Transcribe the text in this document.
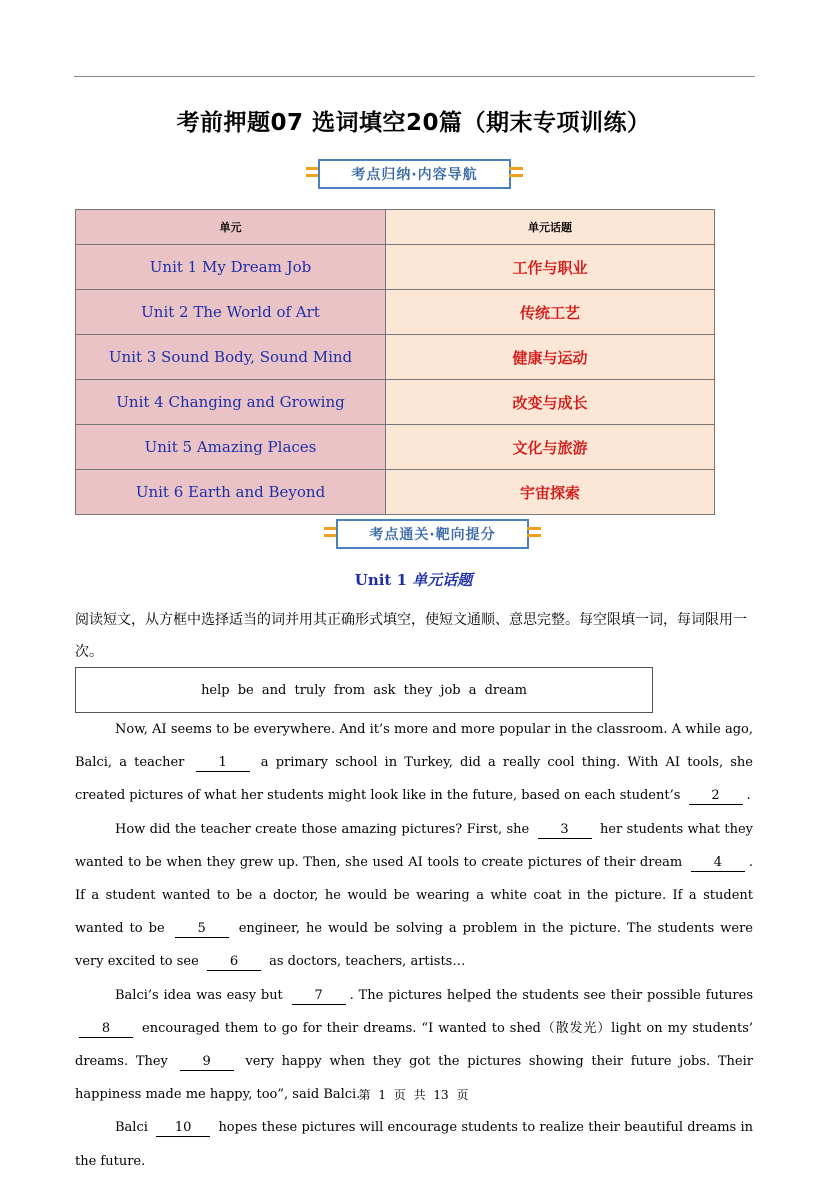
考前押题07 选词填空20篇（期末专项训练）
考点归纳·内容导航
单元	单元话题
Unit 1 My Dream Job	工作与职业
Unit 2 The World of Art	传统工艺
Unit 3 Sound Body, Sound Mind	健康与运动
Unit 4 Changing and Growing	改变与成长
Unit 5 Amazing Places	文化与旅游
Unit 6 Earth and Beyond	宇宙探索
考点通关·靶向提分
Unit 1 单元话题
阅读短文，从方框中选择适当的词并用其正确形式填空，使短文通顺、意思完整。每空限填一词，每词限用一次。
help be and truly from ask they job a dream

Now, AI seems to be everywhere. And it’s more and more popular in the classroom. A while ago, Balci, a teacher	1	a primary school in Turkey, did a really cool thing. With AI tools, she created pictures of what her students might look like in the future, based on each student’s 2 .

How did the teacher create those amazing pictures? First, she 3 her students what they wanted to be when they grew up. Then, she used AI tools to create pictures of their dream 4 . If a student wanted to be a doctor, he would be wearing a white coat in the picture. If a student wanted to be	5	engineer, he would be solving a problem in the picture. The students were very excited to see 6 as doctors, teachers, artists…

Balci’s idea was easy but 7 . The pictures helped the students see their possible futures 8 encouraged them to go for their dreams. “I wanted to shed（散发光）light on my students’ dreams. They	9	very happy when they got the pictures showing their future jobs. Their happiness made me happy, too”, said Balci.

Balci 10 hopes these pictures will encourage students to realize their beautiful dreams in the future.

第 1 页 共 13 页
